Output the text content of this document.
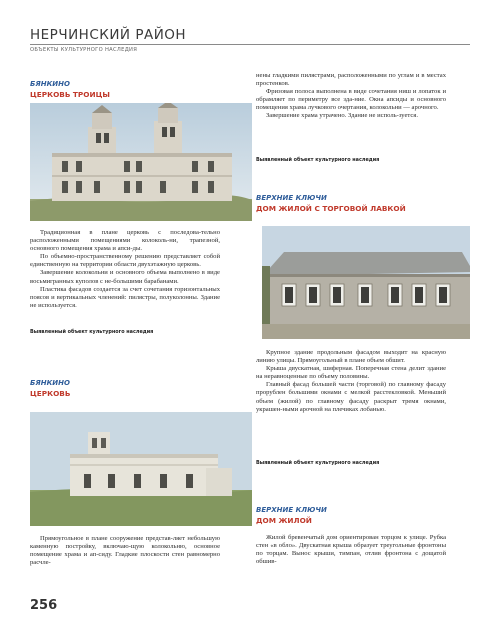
НЕРЧИНСКИЙ РАЙОН
ОБЪЕКТЫ КУЛЬТУРНОГО НАСЛЕДИЯ
БЯНКИНО
ЦЕРКОВЬ ТРОИЦЫ

Традиционная в плане церковь с последова-тельно расположенными помещениями колоколь-ни, трапезной, основного помещения храма и апси-ды.

По объемно-пространственному решению представляет собой единственную на территории области двухэтажную церковь.

Завершение колокольни и основного объема выполнено в виде восьмигранных куполов с не-большими барабанами.

Пластика фасадов создается за счет сочетания горизонтальных поясов и вертикальных членений: пилястры, полуколонны. Здание не используется.

Выявленный объект культурного наследия
БЯНКИНО
ЦЕРКОВЬ

Прямоугольное в плане сооружение представ-ляет небольшую каменную постройку, включаю-щую колокольню, основное помещение храма и ап-сиду. Гладкие плоскости стен равномерно расчле-

нены гладкими пилястрами, расположенными по углам и в местах простенков.

Фризовая полоса выполнена в виде сочетания ниш и лопаток и обрамляет по периметру все зда-ние. Окна апсиды и основного помещения храма лучкового очертания, колокольни — арочного.

Завершение храма утрачено. Здание не исполь-зуется.

Выявленный объект культурного наследия
ВЕРХНИЕ КЛЮЧИ
ДОМ ЖИЛОЙ С ТОРГОВОЙ ЛАВКОЙ

Крупное здание продольным фасадом выходит на красную линию улицы. Прямоугольный в плане объем обшит.

Крыша двускатная, шиферная. Поперечная стена делит здание на неравноценные по объему половины.

Главный фасад большей части (торговой) по главному фасаду прорублен большими окнами с мелкой расстекловкой. Меньший объем (жилой) по главному фасаду раскрыт тремя окнами, украшен-ными арочной на плечиках лобанью.

Выявленный объект культурного наследия
ВЕРХНИЕ КЛЮЧИ
ДОМ ЖИЛОЙ

Жилой бревенчатый дом ориентирован торцом к улице. Рубка стен «в обло». Двускатная крыша образует треугольные фронтоны по торцам. Вынос крыши, тимпан, отлив фронтона с дощатой обшив-

256
